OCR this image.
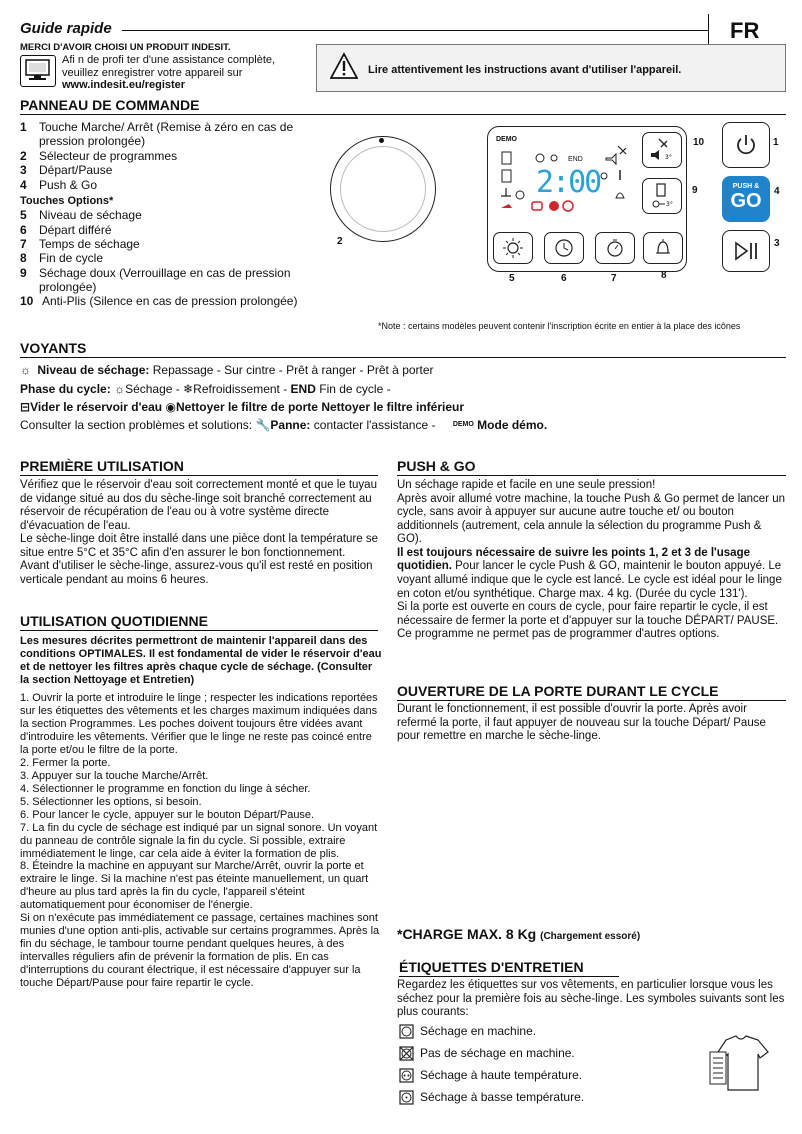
Guide rapide	FR
MERCI D'AVOIR CHOISI UN PRODUIT INDESIT.
Afi n de profi ter d'une assistance complète,
veuillez enregistrer votre appareil sur
www.indesit.eu/register
Lire attentivement les instructions avant d'utiliser l'appareil.
PANNEAU DE COMMANDE
1	Touche Marche/ Arrêt (Remise à zéro en cas de
pression prolongée)
2	Sélecteur de programmes
3	Départ/Pause
4	Push & Go
Touches Options*
5	Niveau de séchage
6	Départ différé
7	Temps de séchage
8	Fin de cycle
9	Séchage doux (Verrouillage en cas de pression
prolongée)
10 Anti-Plis (Silence en cas de pression prolongée)
2
DEMO
END
2:00
3°
3°
PUSH &
GO
10	1
9	4
3
5	6	7	8
*Note : certains modèles peuvent contenir l'inscription écrite en entier à la place des icônes
VOYANTS
☼ Niveau de séchage: Repassage - Sur cintre - Prêt à ranger - Prêt à porter
Phase du cycle: ☼Séchage - ❄Refroidissement - END Fin de cycle -
⊟Vider le réservoir d'eau ◉Nettoyer le filtre de porte Nettoyer le filtre inférieur
Consulter la section problèmes et solutions: 🔧Panne: contacter l'assistance - $^{DEMO}$ Mode démo.
PREMIÈRE UTILISATION
Vérifiez que le réservoir d'eau soit correctement monté et que le tuyau de vidange situé au dos du sèche-linge soit branché correctement au réservoir de récupération de l'eau ou à votre système directe d'évacuation de l'eau.
Le sèche-linge doit être installé dans une pièce dont la température se situe entre 5°C et 35°C afin d'en assurer le bon fonctionnement.
Avant d'utiliser le sèche-linge, assurez-vous qu'il est resté en position verticale pendant au moins 6 heures.
UTILISATION QUOTIDIENNE
Les mesures décrites permettront de maintenir l'appareil dans des conditions OPTIMALES. Il est fondamental de vider le réservoir d'eau et de nettoyer les filtres après chaque cycle de séchage. (Consulter la section Nettoyage et Entretien)
1. Ouvrir la porte et introduire le linge ; respecter les indications reportées sur les étiquettes des vêtements et les charges maximum indiquées dans la section Programmes. Les poches doivent toujours être vidées avant d'introduire les vêtements. Vérifier que le linge ne reste pas coincé entre la porte et/ou le filtre de la porte.
2. Fermer la porte.
3. Appuyer sur la touche Marche/Arrêt.
4. Sélectionner le programme en fonction du linge à sécher.
5. Sélectionner les options, si besoin.
6. Pour lancer le cycle, appuyer sur le bouton Départ/Pause.
7. La fin du cycle de séchage est indiqué par un signal sonore. Un voyant du panneau de contrôle signale la fin du cycle. Si possible, extraire immédiatement le linge, car cela aide à éviter la formation de plis.
8. Éteindre la machine en appuyant sur Marche/Arrêt, ouvrir la porte et extraire le linge. Si la machine n'est pas éteinte manuellement, un quart d'heure au plus tard après la fin du cycle, l'appareil s'éteint automatiquement pour économiser de l'énergie.
Si on n'exécute pas immédiatement ce passage, certaines machines sont munies d'une option anti-plis, activable sur certains programmes. Après la fin du séchage, le tambour tourne pendant quelques heures, à des intervalles réguliers afin de prévenir la formation de plis. En cas d'interruptions du courant électrique, il est nécessaire d'appuyer sur la touche Départ/Pause pour faire repartir le cycle.
PUSH & GO
Un séchage rapide et facile en une seule pression!
Après avoir allumé votre machine, la touche Push & Go permet de lancer un cycle, sans avoir à appuyer sur aucune autre touche et/ ou bouton additionnels (autrement, cela annule la sélection du programme Push & GO).
Il est toujours nécessaire de suivre les points 1, 2 et 3 de l'usage quotidien. Pour lancer le cycle Push & GO, maintenir le bouton appuyé. Le voyant allumé indique que le cycle est lancé. Le cycle est idéal pour le linge en coton et/ou synthétique. Charge max. 4 kg. (Durée du cycle 131').
Si la porte est ouverte en cours de cycle, pour faire repartir le cycle, il est nécessaire de fermer la porte et d'appuyer sur la touche DÉPART/ PAUSE. Ce programme ne permet pas de programmer d'autres options.
OUVERTURE DE LA PORTE DURANT LE CYCLE
Durant le fonctionnement, il est possible d'ouvrir la porte. Après avoir refermé la porte, il faut appuyer de nouveau sur la touche Départ/ Pause pour remettre en marche le sèche-linge.
*CHARGE MAX. 8 Kg (Chargement essoré)
ÉTIQUETTES D'ENTRETIEN
Regardez les étiquettes sur vos vêtements, en particulier lorsque vous les séchez pour la première fois au sèche-linge. Les symboles suivants sont les plus courants:
Séchage en machine.
Pas de séchage en machine.
Séchage à haute température.
Séchage à basse température.
